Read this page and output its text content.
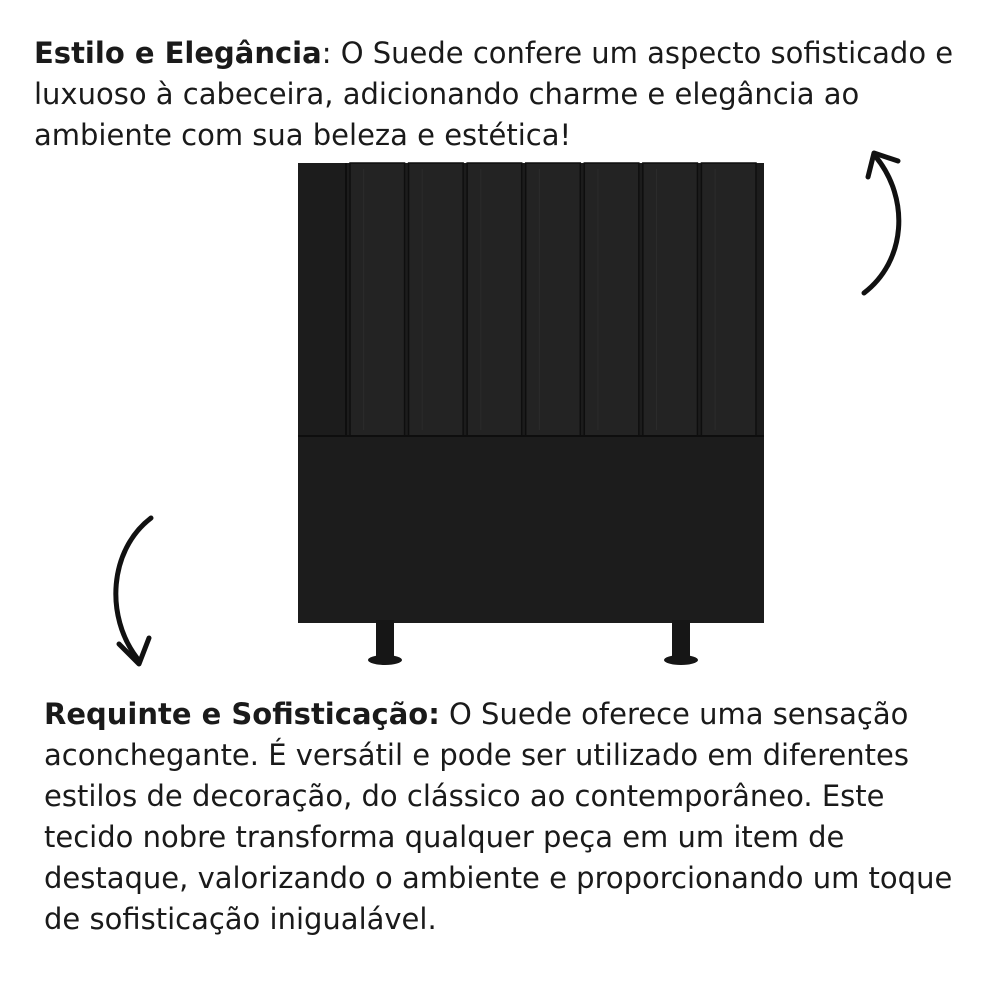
Estilo e Elegância: O Suede confere um aspecto sofisticado e luxuoso à cabeceira, adicionando charme e elegância ao ambiente com sua beleza e estética!
Requinte e Sofisticação: O Suede oferece uma sensação aconchegante. É versátil e pode ser utilizado em diferentes estilos de decoração, do clássico ao contemporâneo. Este tecido nobre transforma qualquer peça em um item de destaque, valorizando o ambiente e proporcionando um toque de sofisticação inigualável.
